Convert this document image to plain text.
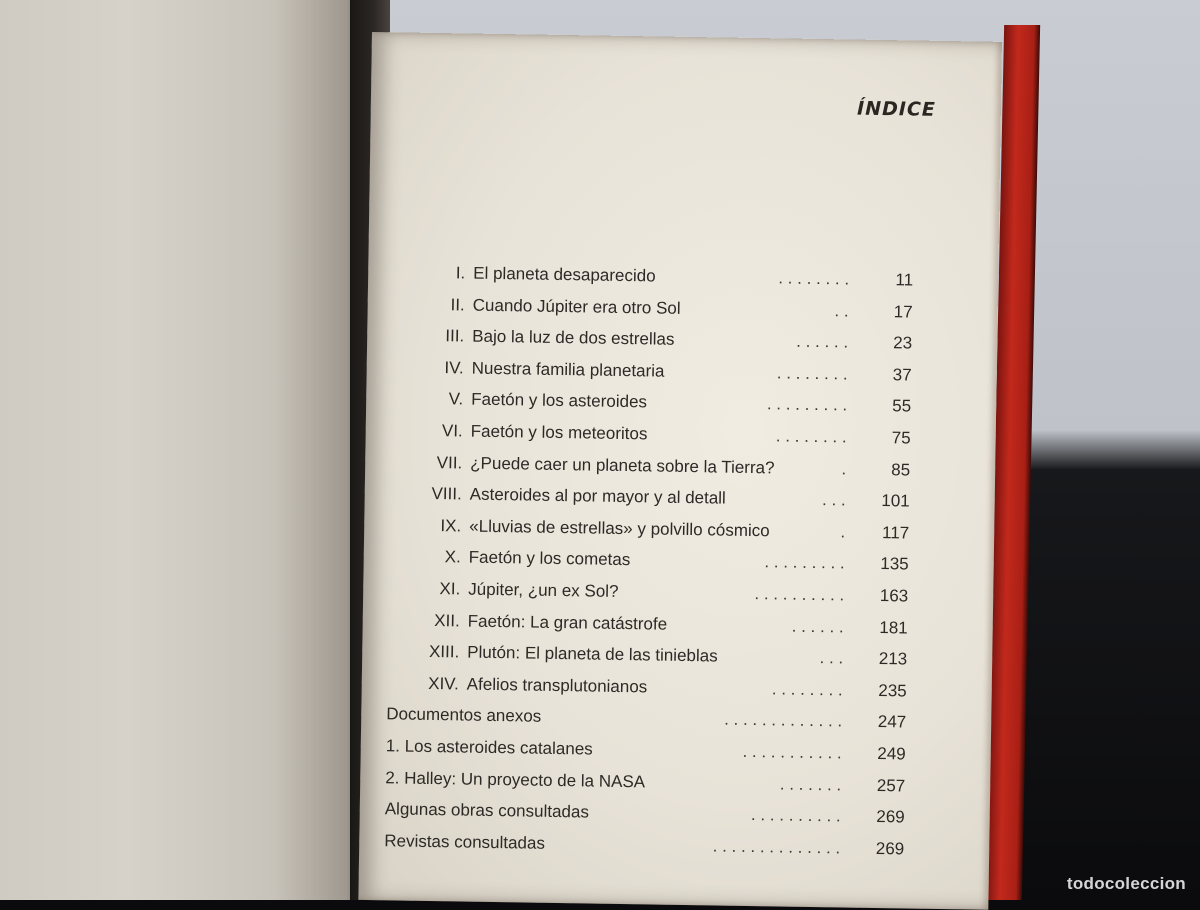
ÍNDICE
I. El planeta desaparecido	11
. . . . . . . .
II. Cuando Júpiter era otro Sol	17
. .
III. Bajo la luz de dos estrellas	23
. . . . . .
IV. Nuestra familia planetaria	37
. . . . . . . .
V. Faetón y los asteroides	55
. . . . . . . . .
VI. Faetón y los meteoritos	75
. . . . . . . .
VII. ¿Puede caer un planeta sobre la Tierra?	85
.
VIII. Asteroides al por mayor y al detall	101
. . .
IX. «Lluvias de estrellas» y polvillo cósmico	117
.
X. Faetón y los cometas	135
. . . . . . . . .
XI. Júpiter, ¿un ex Sol?	163
. . . . . . . . . .
XII. Faetón: La gran catástrofe	181
. . . . . .
XIII. Plutón: El planeta de las tinieblas	213
. . .
XIV. Afelios transplutonianos	235
. . . . . . . .
Documentos anexos	247
. . . . . . . . . . . . .
1. Los asteroides catalanes	249
. . . . . . . . . . .
2. Halley: Un proyecto de la NASA	257
. . . . . . .
Algunas obras consultadas	269
. . . . . . . . . .
Revistas consultadas	269
. . . . . . . . . . . . . .
todocoleccion
